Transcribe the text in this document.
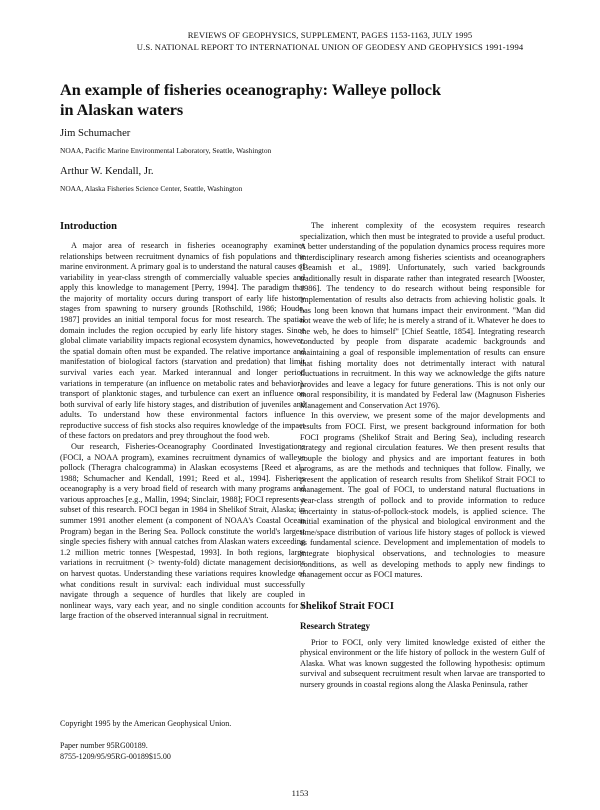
REVIEWS OF GEOPHYSICS, SUPPLEMENT, PAGES 1153-1163, JULY 1995
U.S. NATIONAL REPORT TO INTERNATIONAL UNION OF GEODESY AND GEOPHYSICS 1991-1994
An example of fisheries oceanography: Walleye pollock
in Alaskan waters
Jim Schumacher
NOAA, Pacific Marine Environmental Laboratory, Seattle, Washington
Arthur W. Kendall, Jr.
NOAA, Alaska Fisheries Science Center, Seattle, Washington
Introduction

A major area of research in fisheries oceanography examines relationships between recruitment dynamics of fish populations and the marine environment. A primary goal is to understand the natural causes of variability in year-class strength of commercially valuable species and apply this knowledge to management [Perry, 1994]. The paradigm that the majority of mortality occurs during transport of early life history stages from spawning to nursery grounds [Rothschild, 1986; Houde, 1987] provides an initial temporal focus for most research. The spatial domain includes the region occupied by early life history stages. Since global climate variability impacts regional ecosystem dynamics, however, the spatial domain often must be expanded. The relative importance and manifestation of biological factors (starvation and predation) that limit survival varies each year. Marked interannual and longer period variations in temperature (an influence on metabolic rates and behavior), transport of planktonic stages, and turbulence can exert an influence on both survival of early life history stages, and distribution of juveniles and adults. To understand how these environmental factors influence reproductive success of fish stocks also requires knowledge of the impact of these factors on predators and prey throughout the food web.

Our research, Fisheries-Oceanography Coordinated Investigations (FOCI, a NOAA program), examines recruitment dynamics of walleye pollock (Theragra chalcogramma) in Alaskan ecosystems [Reed et al., 1988; Schumacher and Kendall, 1991; Reed et al., 1994]. Fisheries oceanography is a very broad field of research with many programs and various approaches [e.g., Mallin, 1994; Sinclair, 1988]; FOCI represents a subset of this research. FOCI began in 1984 in Shelikof Strait, Alaska; in summer 1991 another element (a component of NOAA's Coastal Ocean Program) began in the Bering Sea. Pollock constitute the world's largest single species fishery with annual catches from Alaskan waters exceeding 1.2 million metric tonnes [Wespestad, 1993]. In both regions, large variations in recruitment (> twenty-fold) dictate management decisions on harvest quotas. Understanding these variations requires knowledge of what conditions result in survival: each individual must successfully navigate through a sequence of hurdles that likely are coupled in nonlinear ways, vary each year, and no single condition accounts for a large fraction of the observed interannual signal in recruitment.

The inherent complexity of the ecosystem requires research specialization, which then must be integrated to provide a useful product. A better understanding of the population dynamics process requires more interdisciplinary research among fisheries scientists and oceanographers [Beamish et al., 1989]. Unfortunately, such varied backgrounds traditionally result in disparate rather than integrated research [Wooster, 1986]. The tendency to do research without being responsible for implementation of results also detracts from achieving holistic goals. It has long been known that humans impact their environment. "Man did not weave the web of life; he is merely a strand of it. Whatever he does to the web, he does to himself" [Chief Seattle, 1854]. Integrating research conducted by people from disparate academic backgrounds and maintaining a goal of responsible implementation of results can ensure that fishing mortality does not detrimentally interact with natural fluctuations in recruitment. In this way we acknowledge the gifts nature provides and leave a legacy for future generations. This is not only our moral responsibility, it is mandated by Federal law (Magnuson Fisheries Management and Conservation Act 1976).

In this overview, we present some of the major developments and results from FOCI. First, we present background information for both FOCI programs (Shelikof Strait and Bering Sea), including research strategy and regional circulation features. We then present results that couple the biology and physics and are important features in both programs, as are the methods and techniques that follow. Finally, we present the application of research results from Shelikof Strait FOCI to management. The goal of FOCI, to understand natural fluctuations in year-class strength of pollock and to provide information to reduce uncertainty in status-of-pollock-stock models, is applied science. The initial examination of the physical and biological environment and the time/space distribution of various life history stages of pollock is viewed as fundamental science. Development and implementation of models to integrate biophysical observations, and technologies to measure conditions, as well as developing methods to apply new findings to management occur as FOCI matures.

Shelikof Strait FOCI
Research Strategy

Prior to FOCI, only very limited knowledge existed of either the physical environment or the life history of pollock in the western Gulf of Alaska. What was known suggested the following hypothesis: optimum survival and subsequent recruitment result when larvae are transported to nursery grounds in coastal regions along the Alaska Peninsula, rather

Copyright 1995 by the American Geophysical Union.
Paper number 95RG00189.
8755-1209/95/95RG-00189$15.00
1153
